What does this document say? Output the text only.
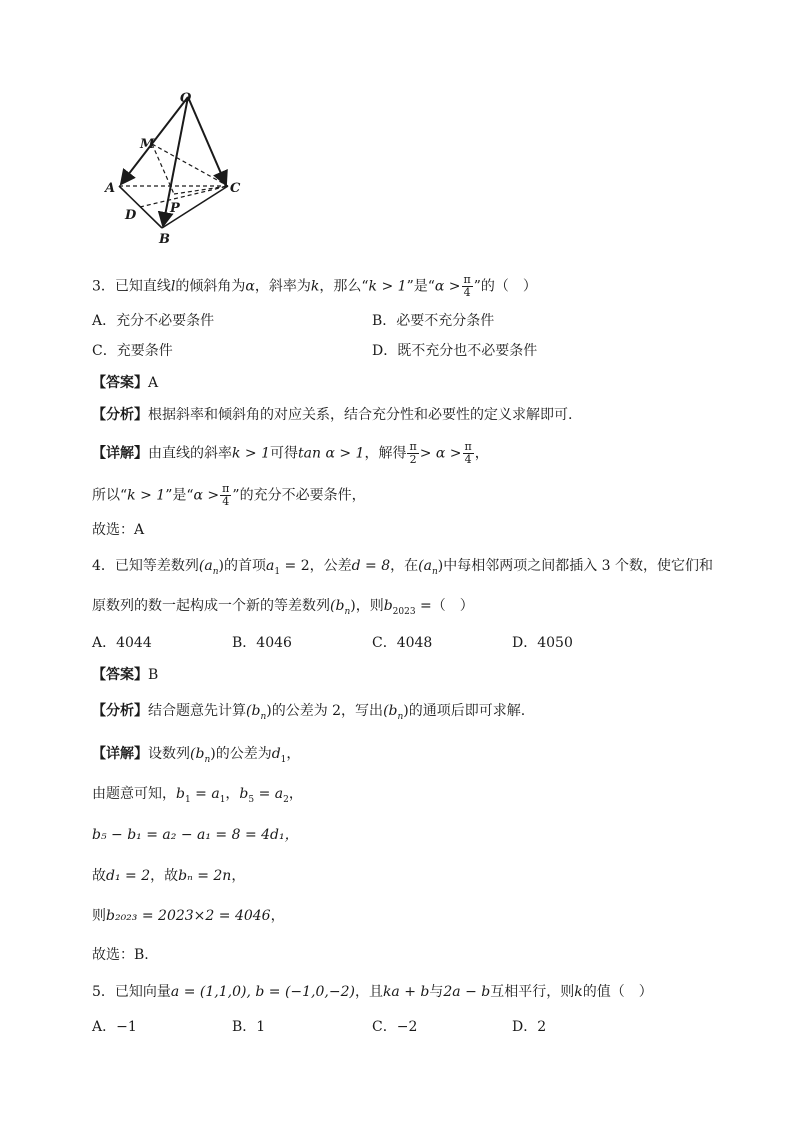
O
M
A	C
P
D
B
3．已知直线l的倾斜角为α，斜率为k，那么“k > 1”是“$\alpha > \frac{\pi}{4}$ ”的（　）
A．充分不必要条件	B．必要不充分条件
C．充要条件	D．既不充分也不必要条件
【答案】A
【分析】根据斜率和倾斜角的对应关系，结合充分性和必要性的定义求解即可.
【详解】由直线的斜率k > 1可得tan α > 1，解得 $\frac{\pi}{2} > \alpha > \frac{\pi}{4}$ ，
所以“k > 1”是“$\alpha > \frac{\pi}{4}$ ”的充分不必要条件，
故选：A
4．已知等差数列$(a_n)$的首项$a_1 = 2$，公差d = 8，在$(a_n)$中每相邻两项之间都插入 3 个数，使它们和
原数列的数一起构成一个新的等差数列$(b_n)$，则$b_{2023}$ =（　）
A．4044	B．4046	C．4048	D．4050
【答案】B
【分析】结合题意先计算$(b_n)$的公差为 2，写出$(b_n)$的通项后即可求解.
【详解】设数列$(b_n)$的公差为$d_1$，
由题意可知，$b_1 = a_1$，$b_5 = a_2$，
b₅ − b₁ = a₂ − a₁ = 8 = 4d₁，
故d₁ = 2，故bₙ = 2n，
则b₂₀₂₃ = 2023×2 = 4046，
故选：B.
5．已知向量a = (1,1,0), b = (−1,0,−2)，且ka + b与2a − b互相平行，则k的值（　）
A．−1	B．1	C．−2	D．2
